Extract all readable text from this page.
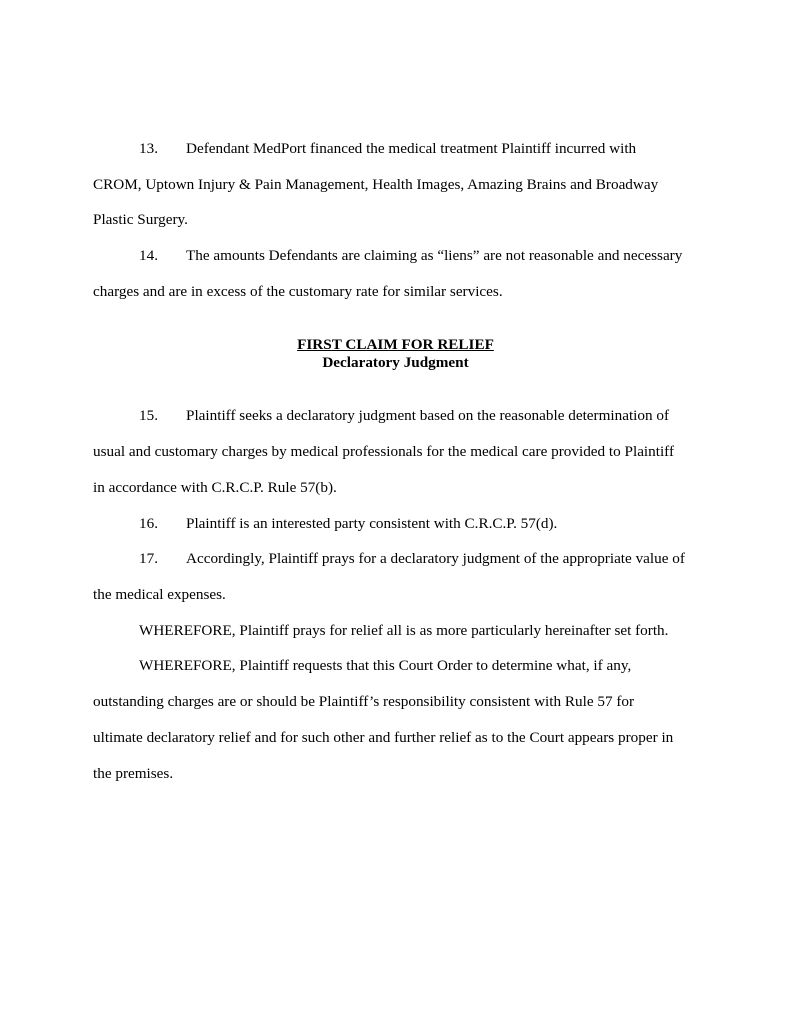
13. Defendant MedPort financed the medical treatment Plaintiff incurred with
CROM, Uptown Injury & Pain Management, Health Images, Amazing Brains and Broadway
Plastic Surgery.
14. The amounts Defendants are claiming as “liens” are not reasonable and necessary
charges and are in excess of the customary rate for similar services.
FIRST CLAIM FOR RELIEF
Declaratory Judgment
15. Plaintiff seeks a declaratory judgment based on the reasonable determination of
usual and customary charges by medical professionals for the medical care provided to Plaintiff
in accordance with C.R.C.P. Rule 57(b).
16. Plaintiff is an interested party consistent with C.R.C.P. 57(d).
17. Accordingly, Plaintiff prays for a declaratory judgment of the appropriate value of
the medical expenses.
WHEREFORE, Plaintiff prays for relief all is as more particularly hereinafter set forth.
WHEREFORE, Plaintiff requests that this Court Order to determine what, if any,
outstanding charges are or should be Plaintiff’s responsibility consistent with Rule 57 for
ultimate declaratory relief and for such other and further relief as to the Court appears proper in
the premises.
